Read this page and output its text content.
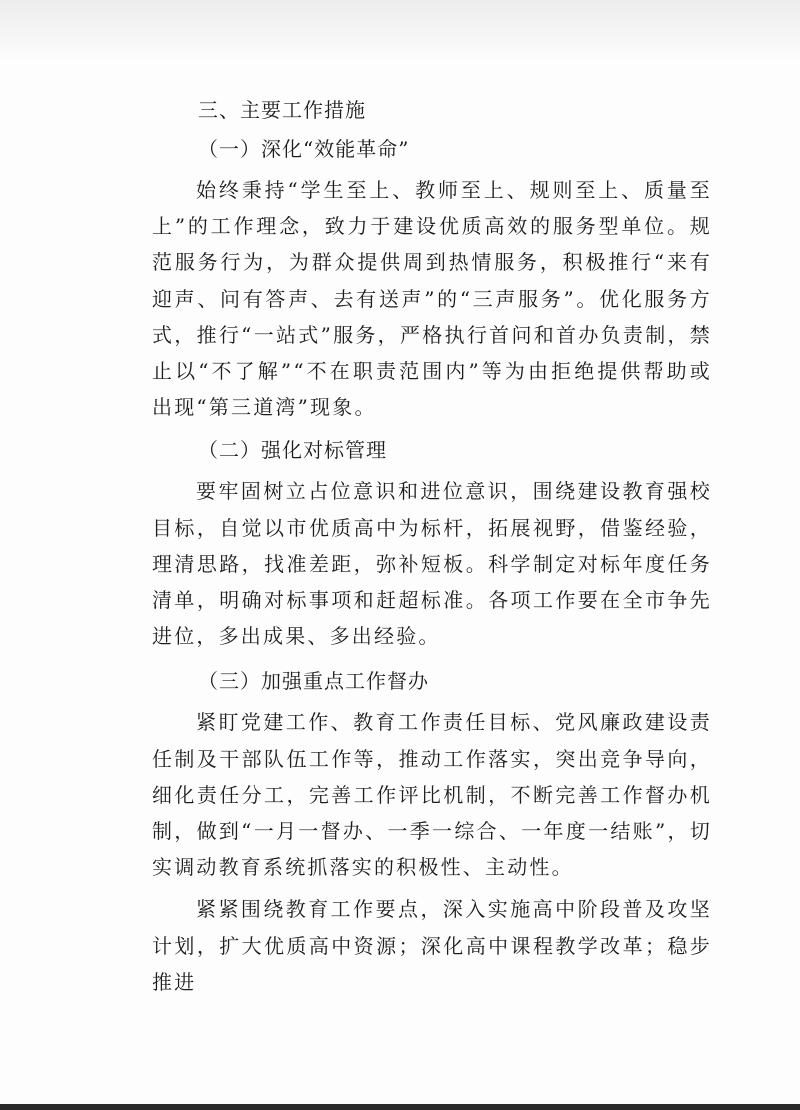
三、主要工作措施
（一）深化“效能革命”

始终秉持“学生至上、教师至上、规则至上、质量至上”的工作理念，致力于建设优质高效的服务型单位。规范服务行为，为群众提供周到热情服务，积极推行“来有迎声、问有答声、去有送声”的“三声服务”。优化服务方式，推行“一站式”服务，严格执行首问和首办负责制，禁止以“不了解”“不在职责范围内”等为由拒绝提供帮助或出现“第三道湾”现象。

（二）强化对标管理

要牢固树立占位意识和进位意识，围绕建设教育强校目标，自觉以市优质高中为标杆，拓展视野，借鉴经验，理清思路，找准差距，弥补短板。科学制定对标年度任务清单，明确对标事项和赶超标准。各项工作要在全市争先进位，多出成果、多出经验。

（三）加强重点工作督办

紧盯党建工作、教育工作责任目标、党风廉政建设责任制及干部队伍工作等，推动工作落实，突出竞争导向，细化责任分工，完善工作评比机制，不断完善工作督办机制，做到“一月一督办、一季一综合、一年度一结账”，切实调动教育系统抓落实的积极性、主动性。

紧紧围绕教育工作要点，深入实施高中阶段普及攻坚计划，扩大优质高中资源；深化高中课程教学改革；稳步推进
